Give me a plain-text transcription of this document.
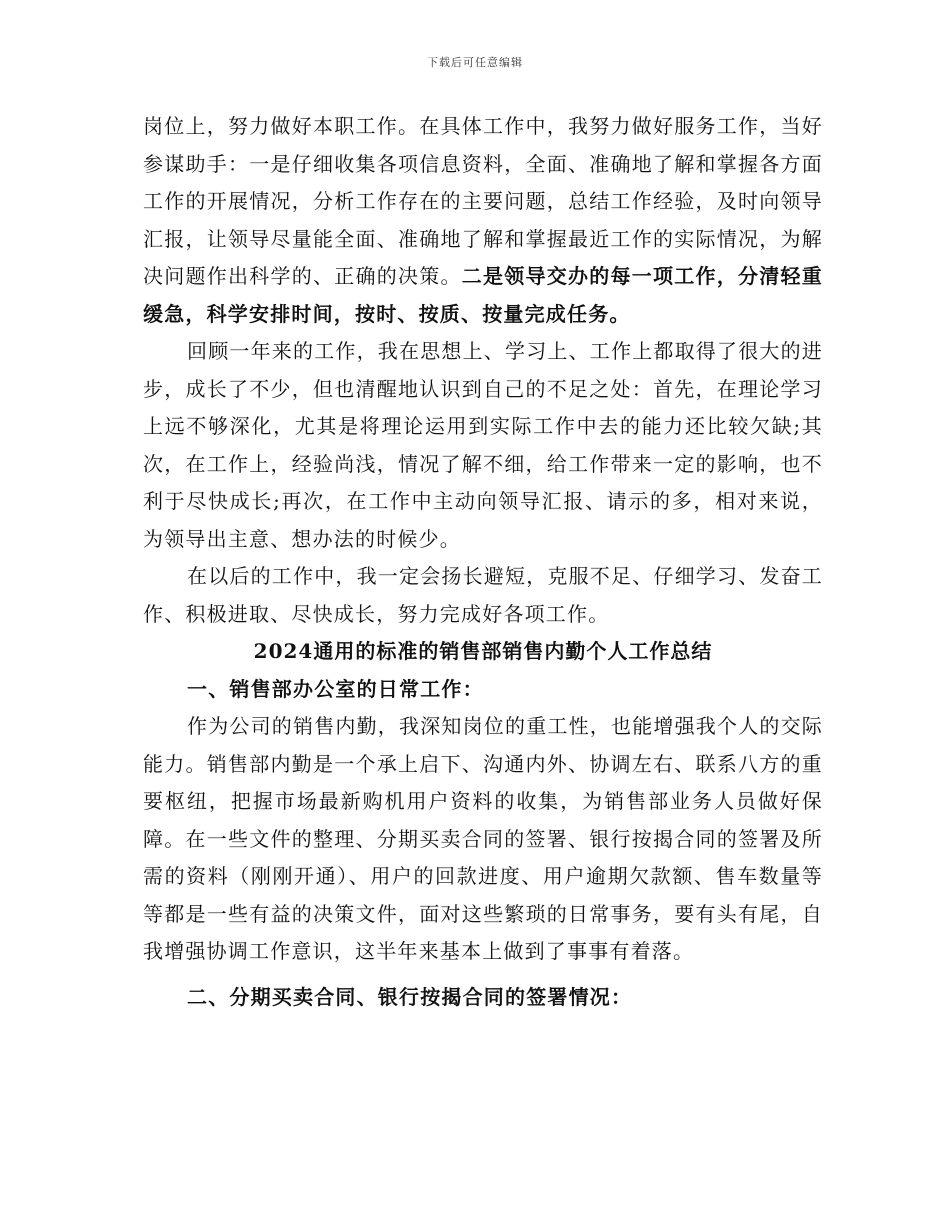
下载后可任意编辑

岗位上，努力做好本职工作。在具体工作中，我努力做好服务工作，当好参谋助手：一是仔细收集各项信息资料，全面、准确地了解和掌握各方面工作的开展情况，分析工作存在的主要问题，总结工作经验，及时向领导汇报，让领导尽量能全面、准确地了解和掌握最近工作的实际情况，为解决问题作出科学的、正确的决策。二是领导交办的每一项工作，分清轻重缓急，科学安排时间，按时、按质、按量完成任务。

回顾一年来的工作，我在思想上、学习上、工作上都取得了很大的进步，成长了不少，但也清醒地认识到自己的不足之处：首先，在理论学习上远不够深化，尤其是将理论运用到实际工作中去的能力还比较欠缺;其次，在工作上，经验尚浅，情况了解不细，给工作带来一定的影响，也不利于尽快成长;再次，在工作中主动向领导汇报、请示的多，相对来说，为领导出主意、想办法的时候少。

在以后的工作中，我一定会扬长避短，克服不足、仔细学习、发奋工作、积极进取、尽快成长，努力完成好各项工作。

2024通用的标准的销售部销售内勤个人工作总结
一、销售部办公室的日常工作：

作为公司的销售内勤，我深知岗位的重工性，也能增强我个人的交际能力。销售部内勤是一个承上启下、沟通内外、协调左右、联系八方的重要枢纽，把握市场最新购机用户资料的收集，为销售部业务人员做好保障。在一些文件的整理、分期买卖合同的签署、银行按揭合同的签署及所需的资料（刚刚开通）、用户的回款进度、用户逾期欠款额、售车数量等等都是一些有益的决策文件，面对这些繁琐的日常事务，要有头有尾，自我增强协调工作意识，这半年来基本上做到了事事有着落。

二、分期买卖合同、银行按揭合同的签署情况：
